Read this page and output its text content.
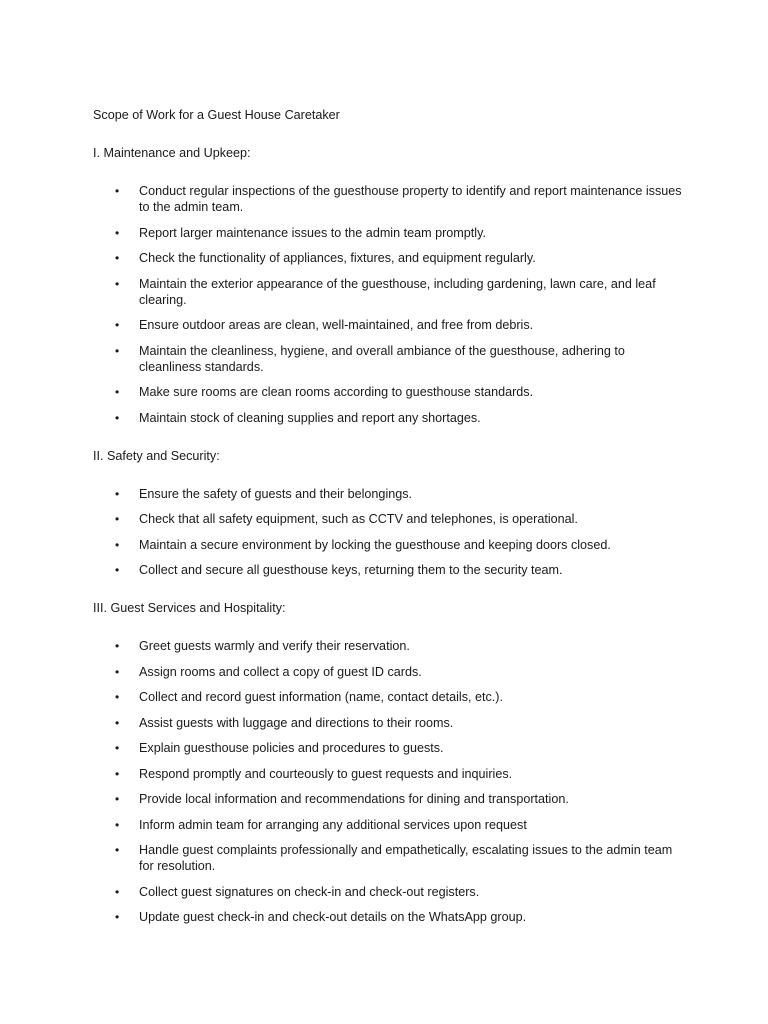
Scope of Work for a Guest House Caretaker
I. Maintenance and Upkeep:
• Conduct regular inspections of the guesthouse property to identify and report maintenance issues to the admin team.
• Report larger maintenance issues to the admin team promptly.
• Check the functionality of appliances, fixtures, and equipment regularly.
• Maintain the exterior appearance of the guesthouse, including gardening, lawn care, and leaf clearing.
• Ensure outdoor areas are clean, well-maintained, and free from debris.
• Maintain the cleanliness, hygiene, and overall ambiance of the guesthouse, adhering to cleanliness standards.
• Make sure rooms are clean rooms according to guesthouse standards.
• Maintain stock of cleaning supplies and report any shortages.
II. Safety and Security:
• Ensure the safety of guests and their belongings.
• Check that all safety equipment, such as CCTV and telephones, is operational.
• Maintain a secure environment by locking the guesthouse and keeping doors closed.
• Collect and secure all guesthouse keys, returning them to the security team.
III. Guest Services and Hospitality:
• Greet guests warmly and verify their reservation.
• Assign rooms and collect a copy of guest ID cards.
• Collect and record guest information (name, contact details, etc.).
• Assist guests with luggage and directions to their rooms.
• Explain guesthouse policies and procedures to guests.
• Respond promptly and courteously to guest requests and inquiries.
• Provide local information and recommendations for dining and transportation.
• Inform admin team for arranging any additional services upon request
• Handle guest complaints professionally and empathetically, escalating issues to the admin team for resolution.
• Collect guest signatures on check-in and check-out registers.
• Update guest check-in and check-out details on the WhatsApp group.
